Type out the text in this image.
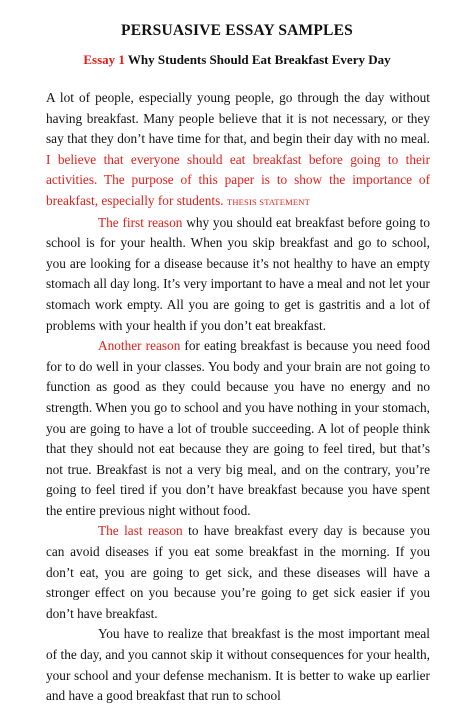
PERSUASIVE ESSAY SAMPLES
Essay 1 Why Students Should Eat Breakfast Every Day

A lot of people, especially young people, go through the day without having breakfast. Many people believe that it is not necessary, or they say that they don’t have time for that, and begin their day with no meal. I believe that everyone should eat breakfast before going to their activities. The purpose of this paper is to show the importance of breakfast, especially for students. THESIS STATEMENT

The first reason why you should eat breakfast before going to school is for your health. When you skip breakfast and go to school, you are looking for a disease because it’s not healthy to have an empty stomach all day long. It’s very important to have a meal and not let your stomach work empty. All you are going to get is gastritis and a lot of problems with your health if you don’t eat breakfast.

Another reason for eating breakfast is because you need food for to do well in your classes. You body and your brain are not going to function as good as they could because you have no energy and no strength. When you go to school and you have nothing in your stomach, you are going to have a lot of trouble succeeding. A lot of people think that they should not eat because they are going to feel tired, but that’s not true. Breakfast is not a very big meal, and on the contrary, you’re going to feel tired if you don’t have breakfast because you have spent the entire previous night without food.

The last reason to have breakfast every day is because you can avoid diseases if you eat some breakfast in the morning. If you don’t eat, you are going to get sick, and these diseases will have a stronger effect on you because you’re going to get sick easier if you don’t have breakfast.

You have to realize that breakfast is the most important meal of the day, and you cannot skip it without consequences for your health, your school and your defense mechanism. It is better to wake up earlier and have a good breakfast that run to school
